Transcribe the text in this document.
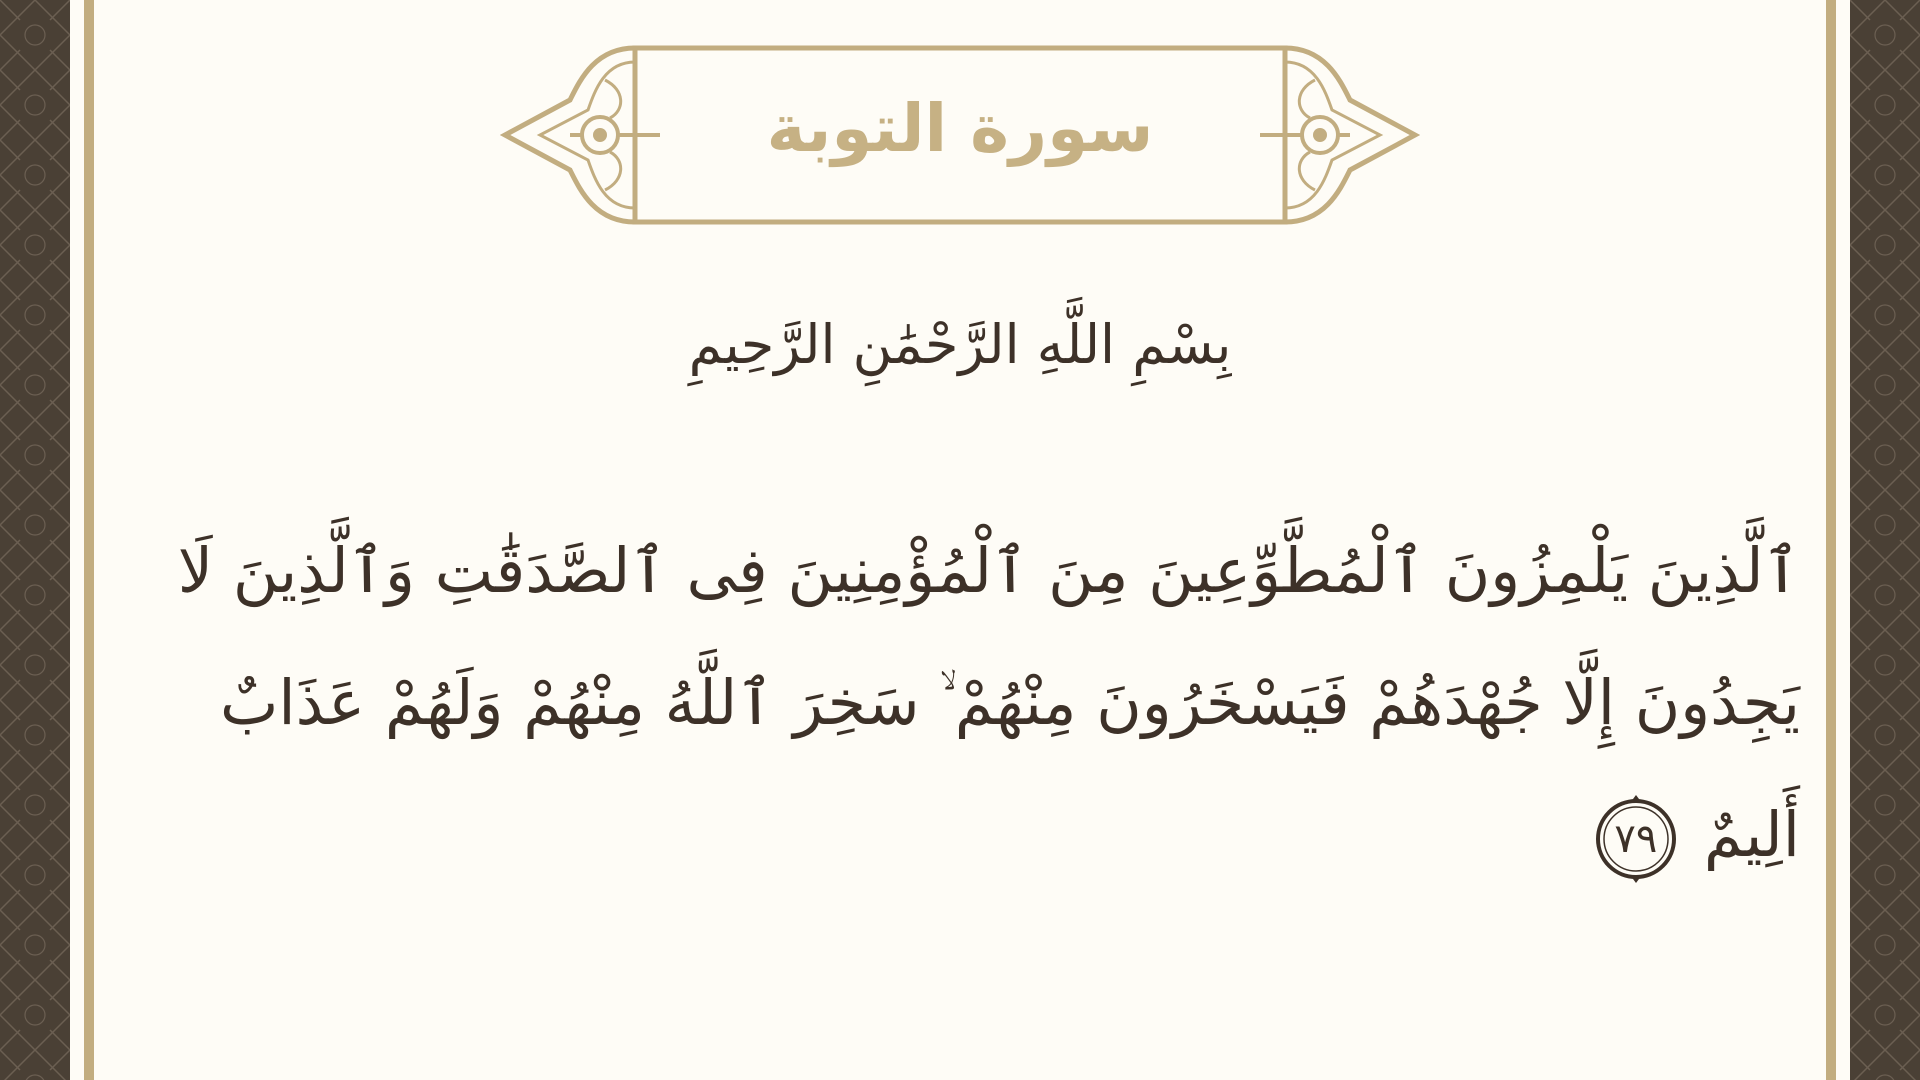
سورة التوبة
بِسْمِ اللَّهِ الرَّحْمَٰنِ الرَّحِيمِ
ٱلَّذِينَ يَلْمِزُونَ ٱلْمُطَّوِّعِينَ مِنَ ٱلْمُؤْمِنِينَ فِى ٱلصَّدَقَٰتِ وَٱلَّذِينَ لَا
يَجِدُونَ إِلَّا جُهْدَهُمْ فَيَسْخَرُونَ مِنْهُمْ ۙ سَخِرَ ٱللَّهُ مِنْهُمْ وَلَهُمْ عَذَابٌ
أَلِيمٌ
٧٩
